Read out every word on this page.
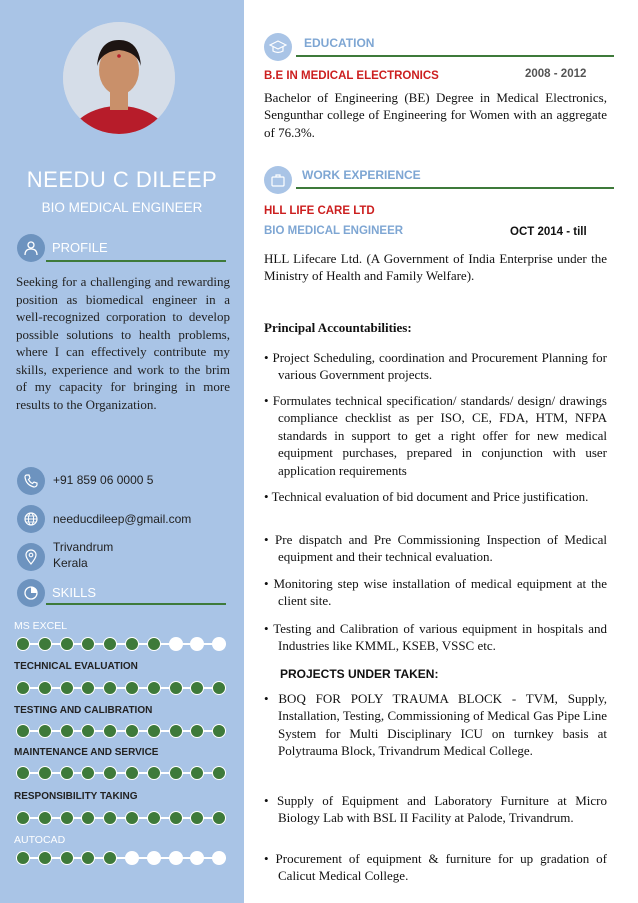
NEEDU C DILEEP
BIO MEDICAL ENGINEER
PROFILE
Seeking for a challenging and rewarding position as biomedical engineer in a well-recognized corporation to develop possible solutions to health problems, where I can effectively contribute my skills, experience and work to the brim of my capacity for bringing in more results to the Organization.
+91 859 06 0000 5
needucdileep@gmail.com
Trivandrum
Kerala
SKILLS
MS EXCEL
TECHNICAL EVALUATION
TESTING AND CALIBRATION
MAINTENANCE AND SERVICE
RESPONSIBILITY TAKING
AUTOCAD
EDUCATION
B.E IN MEDICAL ELECTRONICS	2008 - 2012
Bachelor of Engineering (BE) Degree in Medical Electronics, Sengunthar college of Engineering for Women with an aggregate of 76.3%.
WORK EXPERIENCE
HLL LIFE CARE LTD
BIO MEDICAL ENGINEER	OCT 2014 - till
HLL Lifecare Ltd. (A Government of India Enterprise under the Ministry of Health and Family Welfare).
Principal Accountabilities:
• Project Scheduling, coordination and Procurement Planning for various Government projects.
• Formulates technical specification/ standards/ design/ drawings compliance checklist as per ISO, CE, FDA, HTM, NFPA standards in support to get a right offer for new medical equipment purchases, prepared in conjunction with user application requirements
• Technical evaluation of bid document and Price justification.
• Pre dispatch and Pre Commissioning Inspection of Medical equipment and their technical evaluation.
• Monitoring step wise installation of medical equipment at the client site.
• Testing and Calibration of various equipment in hospitals and Industries like KMML, KSEB, VSSC etc.
PROJECTS UNDER TAKEN:
• BOQ FOR POLY TRAUMA BLOCK - TVM, Supply, Installation, Testing, Commissioning of Medical Gas Pipe Line System for Multi Disciplinary ICU on turnkey basis at Polytrauma Block, Trivandrum Medical College.
• Supply of Equipment and Laboratory Furniture at Micro Biology Lab with BSL II Facility at Palode, Trivandrum.
• Procurement of equipment & furniture for up gradation of Calicut Medical College.
